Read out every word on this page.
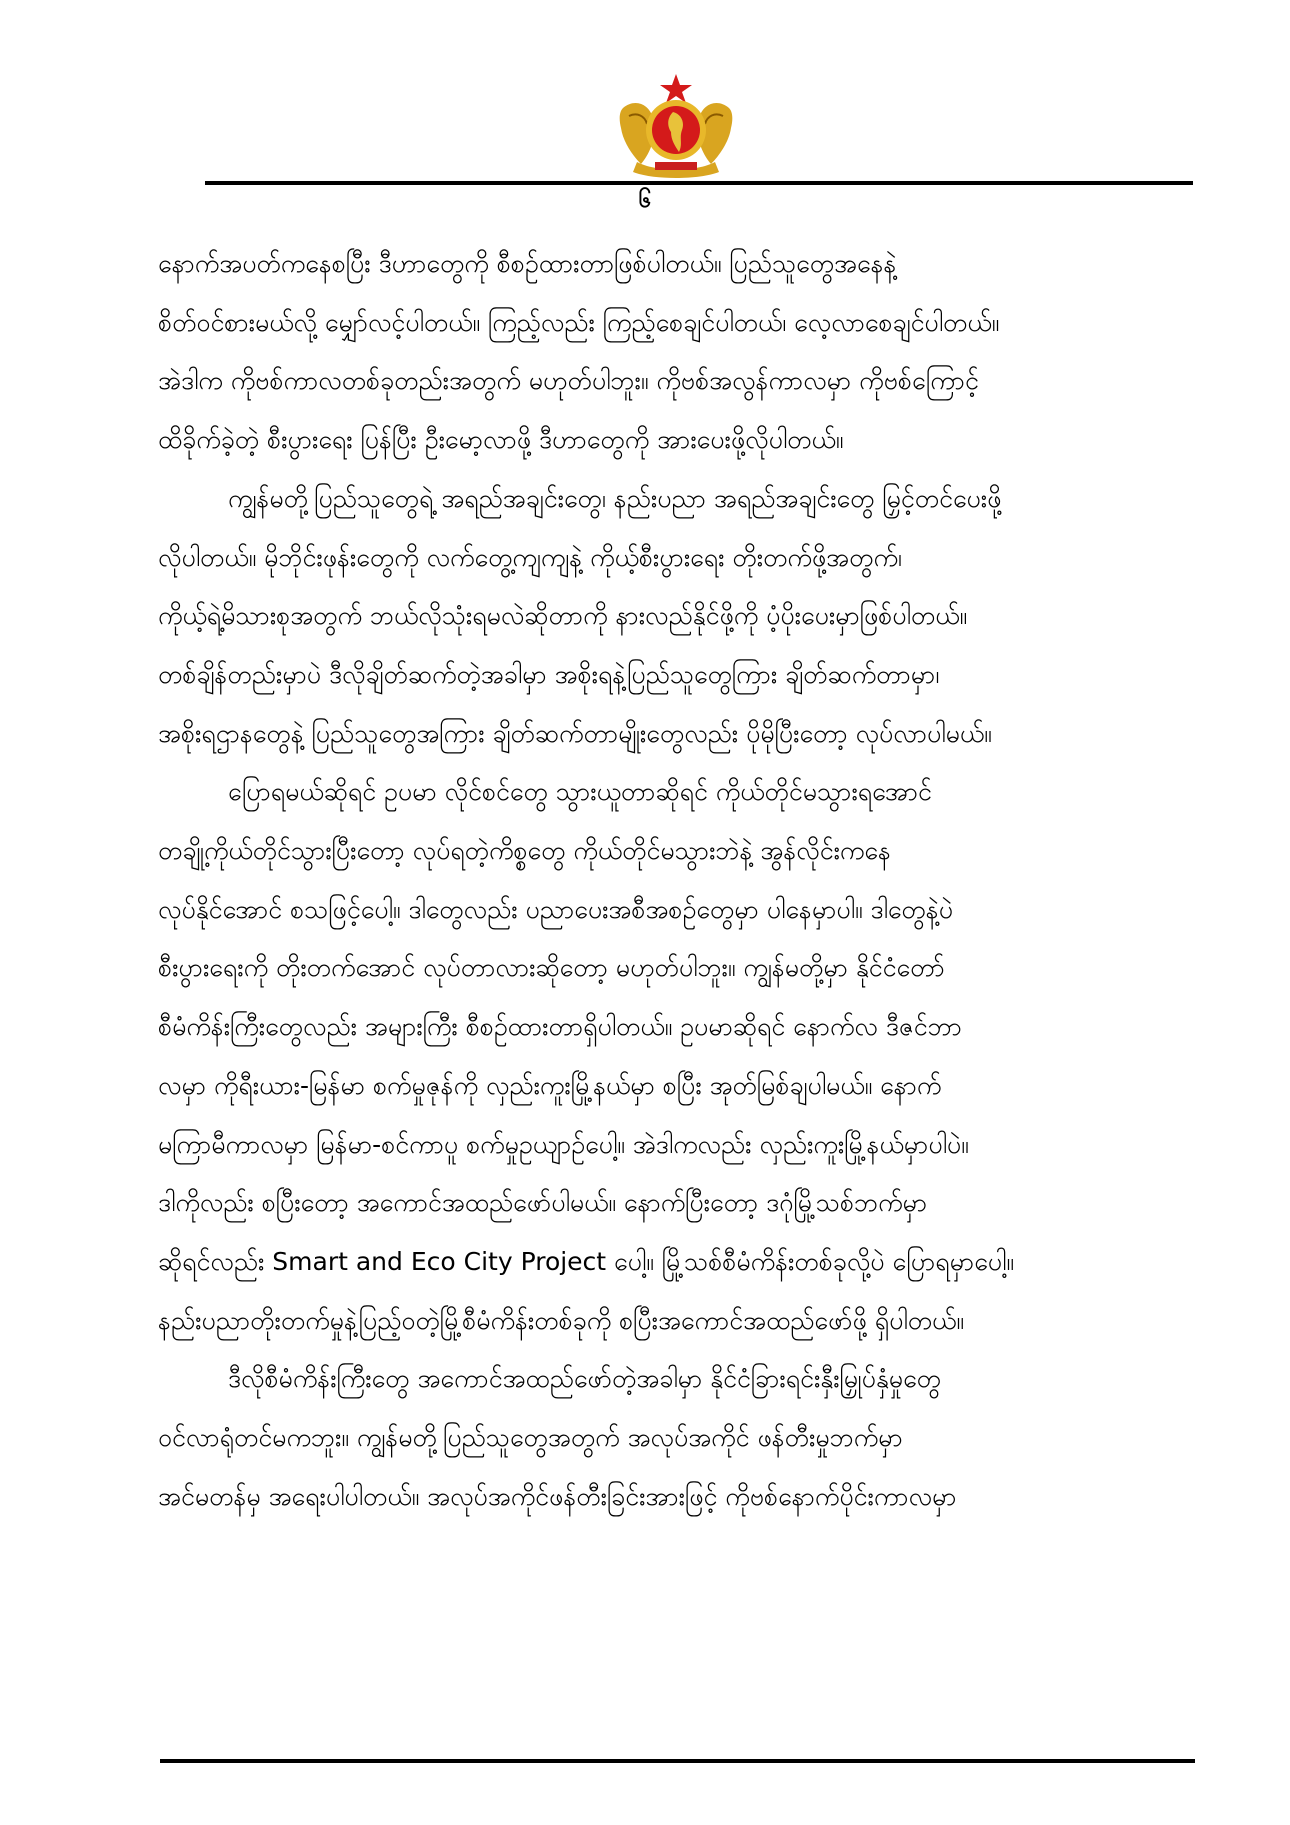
၆

နောက်အပတ်ကနေစပြီး ဒီဟာတွေကို စီစဉ်ထားတာဖြစ်ပါတယ်။ ပြည်သူတွေအနေနဲ့
စိတ်ဝင်စားမယ်လို့ မျှော်လင့်ပါတယ်။ ကြည့်လည်း ကြည့်စေချင်ပါတယ်၊ လေ့လာစေချင်ပါတယ်။
အဲဒါက ကိုဗစ်ကာလတစ်ခုတည်းအတွက် မဟုတ်ပါဘူး။ ကိုဗစ်အလွန်ကာလမှာ ကိုဗစ်ကြောင့်
ထိခိုက်ခဲ့တဲ့ စီးပွားရေး ပြန်ပြီး ဦးမော့လာဖို့ ဒီဟာတွေကို အားပေးဖို့လိုပါတယ်။

ကျွန်မတို့ပြည်သူတွေရဲ့ အရည်အချင်းတွေ၊ နည်းပညာ အရည်အချင်းတွေ မြှင့်တင်ပေးဖို့
လိုပါတယ်။ မိုဘိုင်းဖုန်းတွေကို လက်တွေ့ကျကျနဲ့ ကိုယ့်စီးပွားရေး တိုးတက်ဖို့အတွက်၊
ကိုယ့်ရဲ့မိသားစုအတွက် ဘယ်လိုသုံးရမလဲဆိုတာကို နားလည်နိုင်ဖို့ကို ပံ့ပိုးပေးမှာဖြစ်ပါတယ်။
တစ်ချိန်တည်းမှာပဲ ဒီလိုချိတ်ဆက်တဲ့အခါမှာ အစိုးရနဲ့ပြည်သူတွေကြား ချိတ်ဆက်တာမှာ၊
အစိုးရဌာနတွေနဲ့ ပြည်သူတွေအကြား ချိတ်ဆက်တာမျိုးတွေလည်း ပိုမိုပြီးတော့ လုပ်လာပါမယ်။

ပြောရမယ်ဆိုရင် ဥပမာ လိုင်စင်တွေ သွားယူတာဆိုရင် ကိုယ်တိုင်မသွားရအောင်
တချို့ကိုယ်တိုင်သွားပြီးတော့ လုပ်ရတဲ့ကိစ္စတွေ ကိုယ်တိုင်မသွားဘဲနဲ့ အွန်လိုင်းကနေ
လုပ်နိုင်အောင် စသဖြင့်ပေါ့။ ဒါတွေလည်း ပညာပေးအစီအစဉ်တွေမှာ ပါနေမှာပါ။ ဒါတွေနဲ့ပဲ
စီးပွားရေးကို တိုးတက်အောင် လုပ်တာလားဆိုတော့ မဟုတ်ပါဘူး။ ကျွန်မတို့မှာ နိုင်ငံတော်
စီမံကိန်းကြီးတွေလည်း အများကြီး စီစဉ်ထားတာရှိပါတယ်။ ဥပမာဆိုရင် နောက်လ ဒီဇင်ဘာ
လမှာ ကိုရီးယား-မြန်မာ စက်မှုဇုန်ကို လှည်းကူးမြို့နယ်မှာ စပြီး အုတ်မြစ်ချပါမယ်။ နောက်
မကြာမီကာလမှာ မြန်မာ-စင်ကာပူ စက်မှုဥယျာဉ်ပေါ့။ အဲဒါကလည်း လှည်းကူးမြို့နယ်မှာပါပဲ။
ဒါကိုလည်း စပြီးတော့ အကောင်အထည်ဖော်ပါမယ်။ နောက်ပြီးတော့ ဒဂုံမြို့သစ်ဘက်မှာ
ဆိုရင်လည်း Smart and Eco City Project ပေါ့။ မြို့သစ်စီမံကိန်းတစ်ခုလို့ပဲ ပြောရမှာပေါ့။
နည်းပညာတိုးတက်မှုနဲ့ပြည့်ဝတဲ့မြို့စီမံကိန်းတစ်ခုကို စပြီးအကောင်အထည်ဖော်ဖို့ ရှိပါတယ်။

ဒီလိုစီမံကိန်းကြီးတွေ အကောင်အထည်ဖော်တဲ့အခါမှာ နိုင်ငံခြားရင်းနှီးမြှုပ်နှံမှုတွေ
ဝင်လာရုံတင်မကဘူး။ ကျွန်မတို့ပြည်သူတွေအတွက် အလုပ်အကိုင် ဖန်တီးမှုဘက်မှာ
အင်မတန်မှ အရေးပါပါတယ်။ အလုပ်အကိုင်ဖန်တီးခြင်းအားဖြင့် ကိုဗစ်နောက်ပိုင်းကာလမှာ
